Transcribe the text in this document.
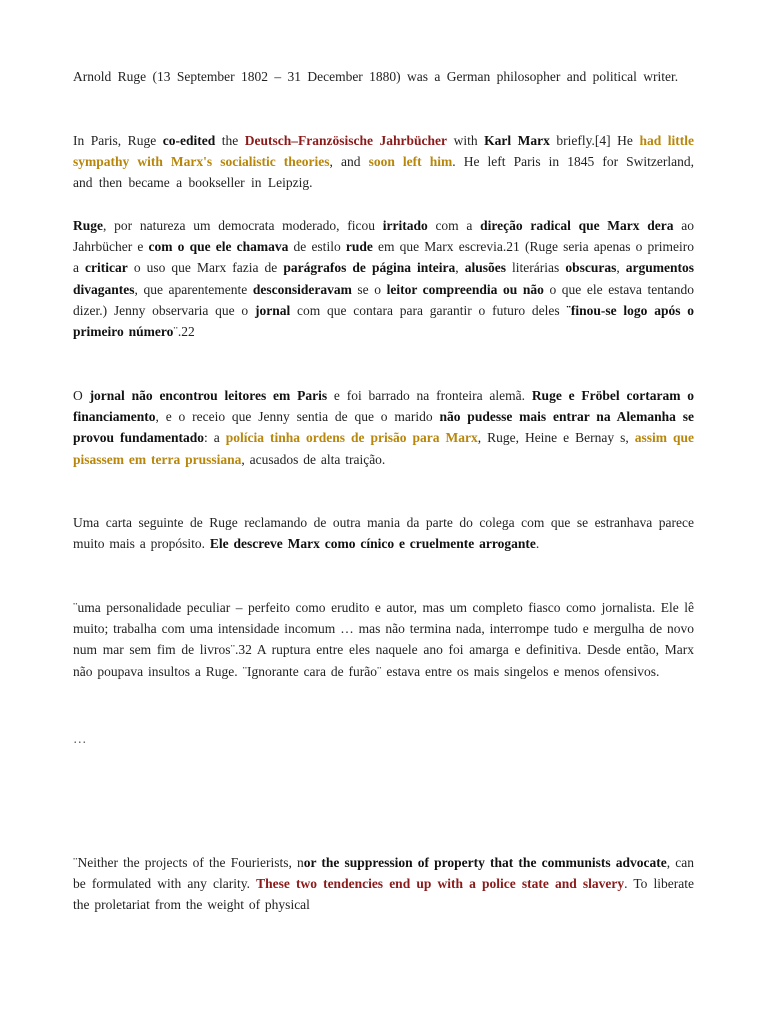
Arnold Ruge (13 September 1802 – 31 December 1880) was a German philosopher and political writer.

In Paris, Ruge co-edited the Deutsch–Französische Jahrbücher with Karl Marx briefly.[4] He had little sympathy with Marx's socialistic theories, and soon left him. He left Paris in 1845 for Switzerland, and then became a bookseller in Leipzig.

Ruge, por natureza um democrata moderado, ficou irritado com a direção radical que Marx dera ao Jahrbücher e com o que ele chamava de estilo rude em que Marx escrevia.21 (Ruge seria apenas o primeiro a criticar o uso que Marx fazia de parágrafos de página inteira, alusões literárias obscuras, argumentos divagantes, que aparentemente desconsideravam se o leitor compreendia ou não o que ele estava tentando dizer.) Jenny observaria que o jornal com que contara para garantir o futuro deles ¨finou-se logo após o primeiro número¨.22

O jornal não encontrou leitores em Paris e foi barrado na fronteira alemã. Ruge e Fröbel cortaram o financiamento, e o receio que Jenny sentia de que o marido não pudesse mais entrar na Alemanha se provou fundamentado: a polícia tinha ordens de prisão para Marx, Ruge, Heine e Bernay s, assim que pisassem em terra prussiana, acusados de alta traição.

Uma carta seguinte de Ruge reclamando de outra mania da parte do colega com que se estranhava parece muito mais a propósito. Ele descreve Marx como cínico e cruelmente arrogante.

¨uma personalidade peculiar – perfeito como erudito e autor, mas um completo fiasco como jornalista. Ele lê muito; trabalha com uma intensidade incomum … mas não termina nada, interrompe tudo e mergulha de novo num mar sem fim de livros¨.32 A ruptura entre eles naquele ano foi amarga e definitiva. Desde então, Marx não poupava insultos a Ruge. ¨Ignorante cara de furão¨ estava entre os mais singelos e menos ofensivos.

…

¨Neither the projects of the Fourierists, nor the suppression of property that the communists advocate, can be formulated with any clarity. These two tendencies end up with a police state and slavery. To liberate the proletariat from the weight of physical
